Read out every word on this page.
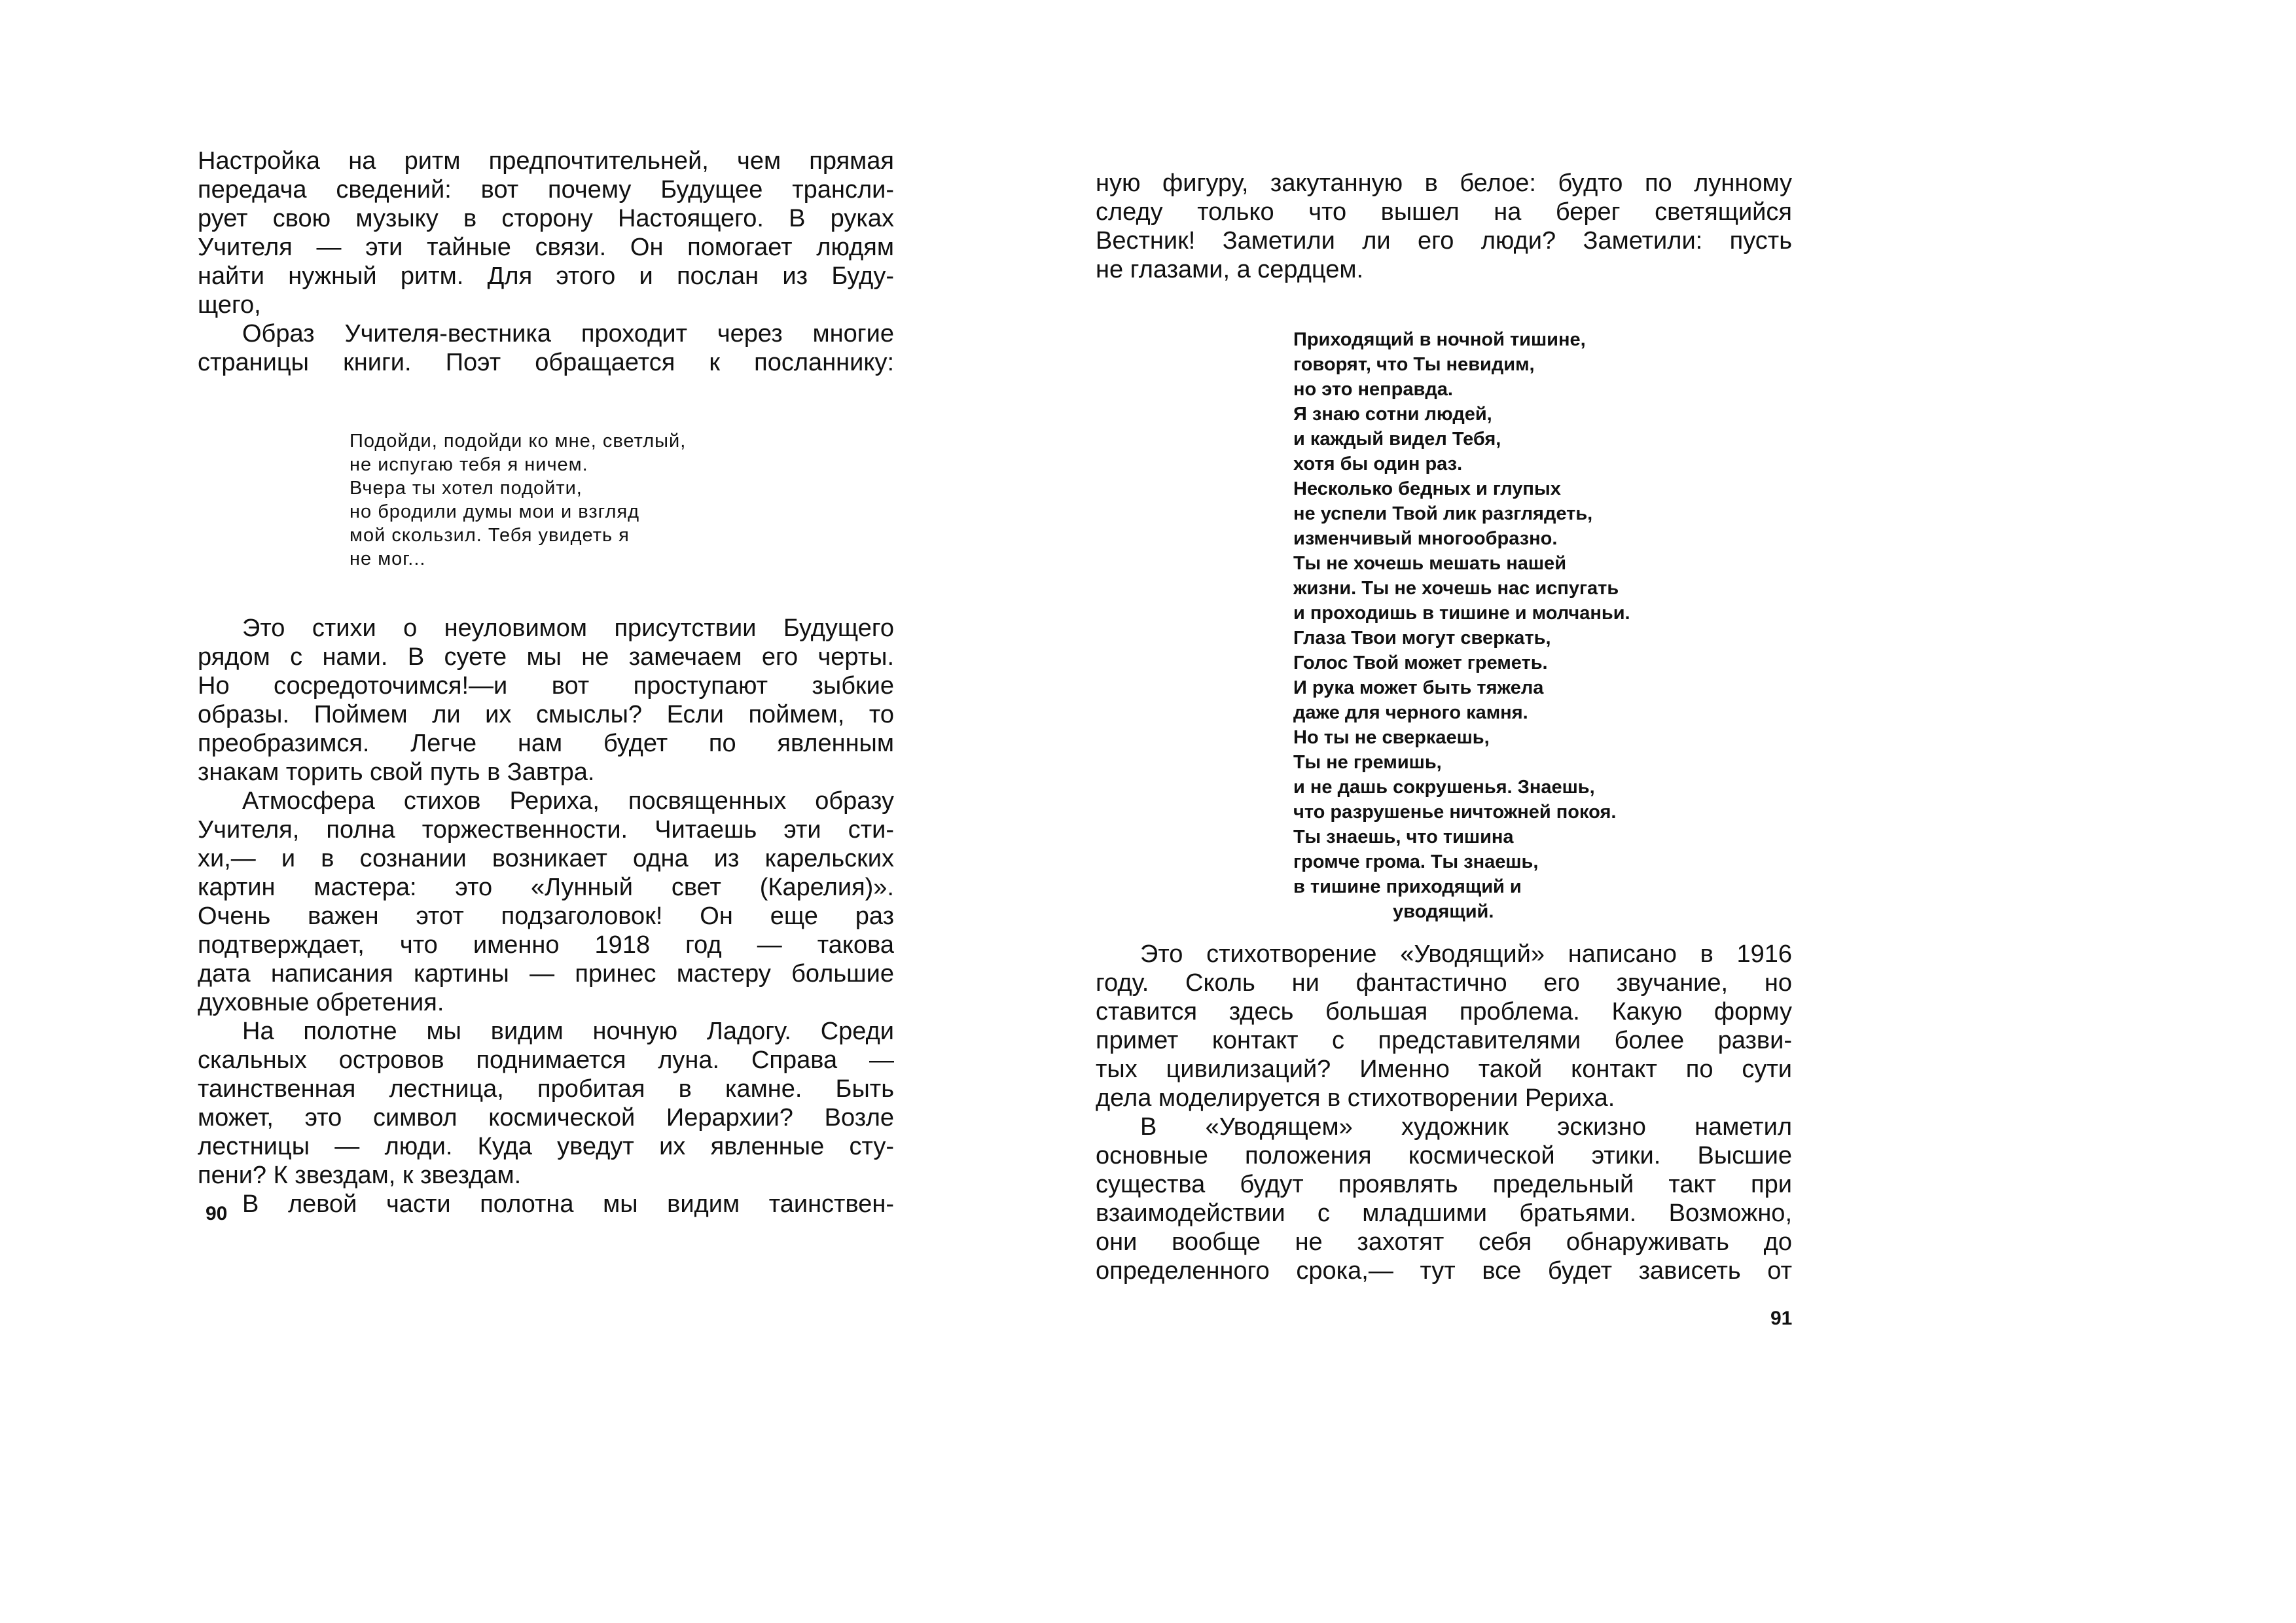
Настройка на ритм предпочтительней, чем прямая
передача сведений: вот почему Будущее трансли-
рует свою музыку в сторону Настоящего. В руках
Учителя — эти тайные связи. Он помогает людям
найти нужный ритм. Для этого и послан из Буду-
щего,
Образ Учителя-вестника проходит через многие
страницы книги. Поэт обращается к посланнику:
Подойди, подойди ко мне, светлый,
не испугаю тебя я ничем.
Вчера ты хотел подойти,
но бродили думы мои и взгляд
мой скользил. Тебя увидеть я
не мог...
Это стихи о неуловимом присутствии Будущего
рядом с нами. В суете мы не замечаем его черты.
Но сосредоточимся!—и вот проступают зыбкие
образы. Поймем ли их смыслы? Если поймем, то
преобразимся. Легче нам будет по явленным
знакам торить свой путь в Завтра.
Атмосфера стихов Рериха, посвященных образу
Учителя, полна торжественности. Читаешь эти сти-
хи,— и в сознании возникает одна из карельских
картин мастера: это «Лунный свет (Карелия)».
Очень важен этот подзаголовок! Он еще раз
подтверждает, что именно 1918 год — такова
дата написания картины — принес мастеру большие
духовные обретения.
На полотне мы видим ночную Ладогу. Среди
скальных островов поднимается луна. Справа —
таинственная лестница, пробитая в камне. Быть
может, это символ космической Иерархии? Возле
лестницы — люди. Куда уведут их явленные сту-
пени? К звездам, к звездам.
В левой части полотна мы видим таинствен-
90
ную фигуру, закутанную в белое: будто по лунному
следу только что вышел на берег светящийся
Вестник! Заметили ли его люди? Заметили: пусть
не глазами, а сердцем.
Приходящий в ночной тишине,
говорят, что Ты невидим,
но это неправда.
Я знаю сотни людей,
и каждый видел Тебя,
хотя бы один раз.
Несколько бедных и глупых
не успели Твой лик разглядеть,
изменчивый многообразно.
Ты не хочешь мешать нашей
жизни. Ты не хочешь нас испугать
и проходишь в тишине и молчаньи.
Глаза Твои могут сверкать,
Голос Твой может греметь.
И рука может быть тяжела
даже для черного камня.
Но ты не сверкаешь,
Ты не гремишь,
и не дашь сокрушенья. Знаешь,
что разрушенье ничтожней покоя.
Ты знаешь, что тишина
громче грома. Ты знаешь,
в тишине приходящий и
уводящий.
Это стихотворение «Уводящий» написано в 1916
году. Сколь ни фантастично его звучание, но
ставится здесь большая проблема. Какую форму
примет контакт с представителями более разви-
тых цивилизаций? Именно такой контакт по сути
дела моделируется в стихотворении Рериха.
В «Уводящем» художник эскизно наметил
основные положения космической этики. Высшие
существа будут проявлять предельный такт при
взаимодействии с младшими братьями. Возможно,
они вообще не захотят себя обнаруживать до
определенного срока,— тут все будет зависеть от
91
